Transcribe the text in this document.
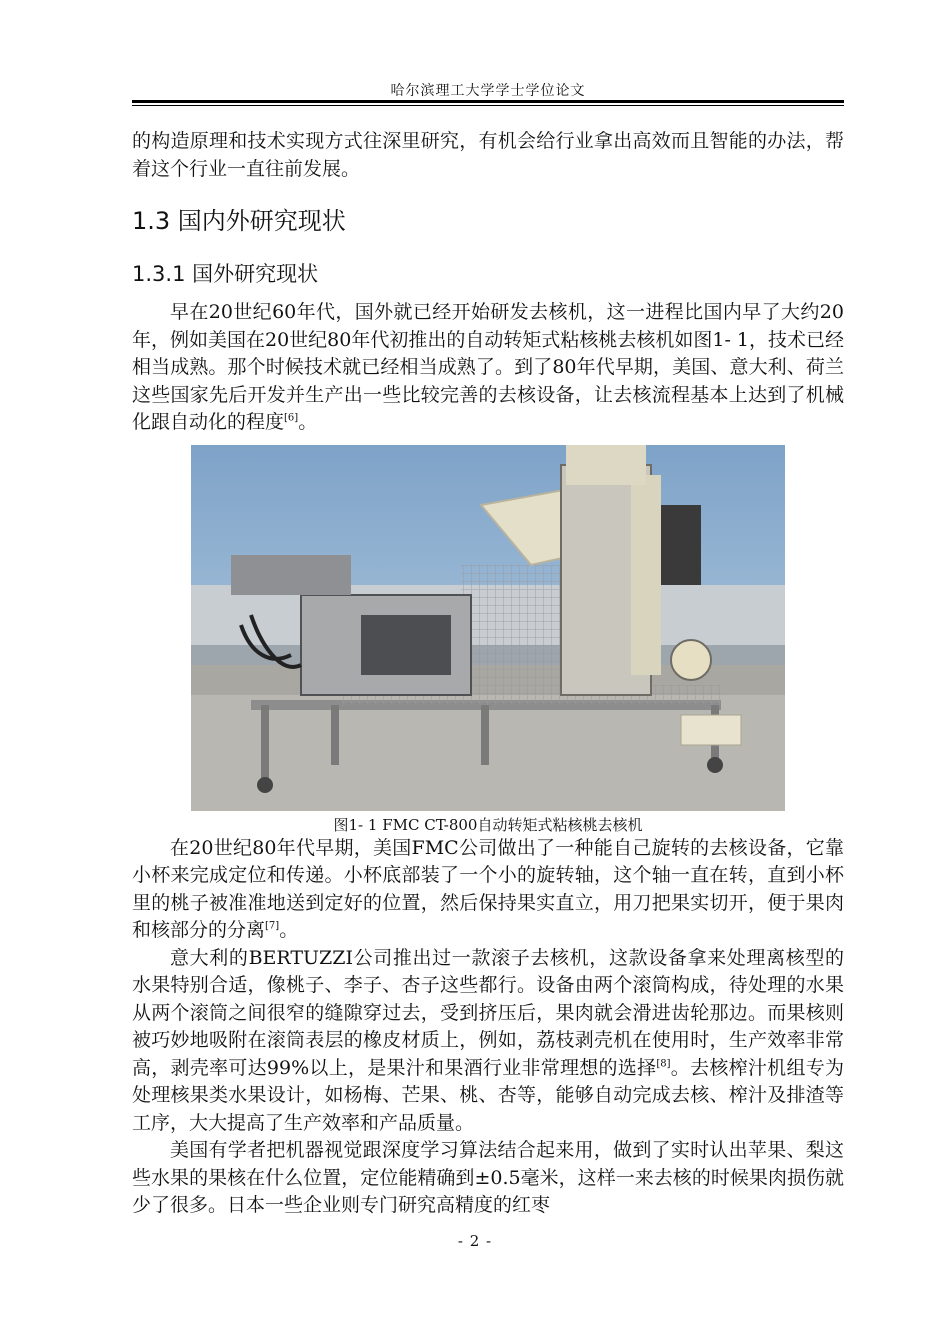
哈尔滨理工大学学士学位论文

的构造原理和技术实现方式往深里研究，有机会给行业拿出高效而且智能的办法，帮着这个行业一直往前发展。

1.3 国内外研究现状
1.3.1 国外研究现状

早在20世纪60年代，国外就已经开始研发去核机，这一进程比国内早了大约20年，例如美国在20世纪80年代初推出的自动转矩式粘核桃去核机如图1- 1，技术已经相当成熟。那个时候技术就已经相当成熟了。到了80年代早期，美国、意大利、荷兰这些国家先后开发并生产出一些比较完善的去核设备，让去核流程基本上达到了机械化跟自动化的程度[6]。

图1- 1 FMC CT-800自动转矩式粘核桃去核机

在20世纪80年代早期，美国FMC公司做出了一种能自己旋转的去核设备，它靠小杯来完成定位和传递。小杯底部装了一个小的旋转轴，这个轴一直在转，直到小杯里的桃子被准准地送到定好的位置，然后保持果实直立，用刀把果实切开，便于果肉和核部分的分离[7]。

意大利的BERTUZZI公司推出过一款滚子去核机，这款设备拿来处理离核型的水果特别合适，像桃子、李子、杏子这些都行。设备由两个滚筒构成，待处理的水果从两个滚筒之间很窄的缝隙穿过去，受到挤压后，果肉就会滑进齿轮那边。而果核则被巧妙地吸附在滚筒表层的橡皮材质上，例如，荔枝剥壳机在使用时，生产效率非常高，剥壳率可达99%以上，是果汁和果酒行业非常理想的选择[8]。去核榨汁机组专为处理核果类水果设计，如杨梅、芒果、桃、杏等，能够自动完成去核、榨汁及排渣等工序，大大提高了生产效率和产品质量。

美国有学者把机器视觉跟深度学习算法结合起来用，做到了实时认出苹果、梨这些水果的果核在什么位置，定位能精确到±0.5毫米，这样一来去核的时候果肉损伤就少了很多。日本一些企业则专门研究高精度的红枣

- 2 -
